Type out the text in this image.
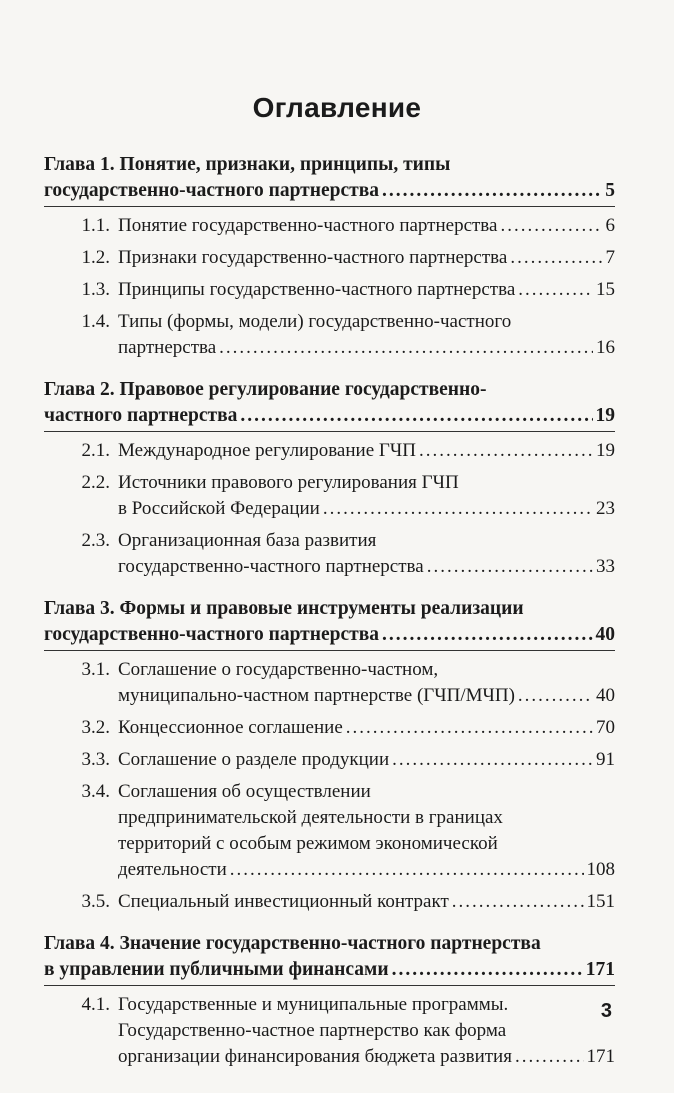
Оглавление
Глава 1. Понятие, признаки, принципы, типы
государственно-частного партнерства .....	5
1.1. Понятие государственно-частного партнерства .....	6
1.2. Признаки государственно-частного партнерства .....	7
1.3. Принципы государственно-частного партнерства .....	15
1.4. Типы (формы, модели) государственно-частного
партнерства .....	16
Глава 2. Правовое регулирование государственно-
частного партнерства .....	19
2.1. Международное регулирование ГЧП .....	19
2.2. Источники правового регулирования ГЧП
в Российской Федерации .....	23
2.3. Организационная база развития
государственно-частного партнерства .....	33
Глава 3. Формы и правовые инструменты реализации
государственно-частного партнерства .....	40
3.1. Соглашение о государственно-частном,
муниципально-частном партнерстве (ГЧП/МЧП) .....	40
3.2. Концессионное соглашение .....	70
3.3. Соглашение о разделе продукции .....	91
3.4. Соглашения об осуществлении
предпринимательской деятельности в границах
территорий с особым режимом экономической
деятельности .....	108
3.5. Специальный инвестиционный контракт .....	151
Глава 4. Значение государственно-частного партнерства
в управлении публичными финансами .....	171
4.1. Государственные и муниципальные программы.
Государственно-частное партнерство как форма
организации финансирования бюджета развития .....	171
3
